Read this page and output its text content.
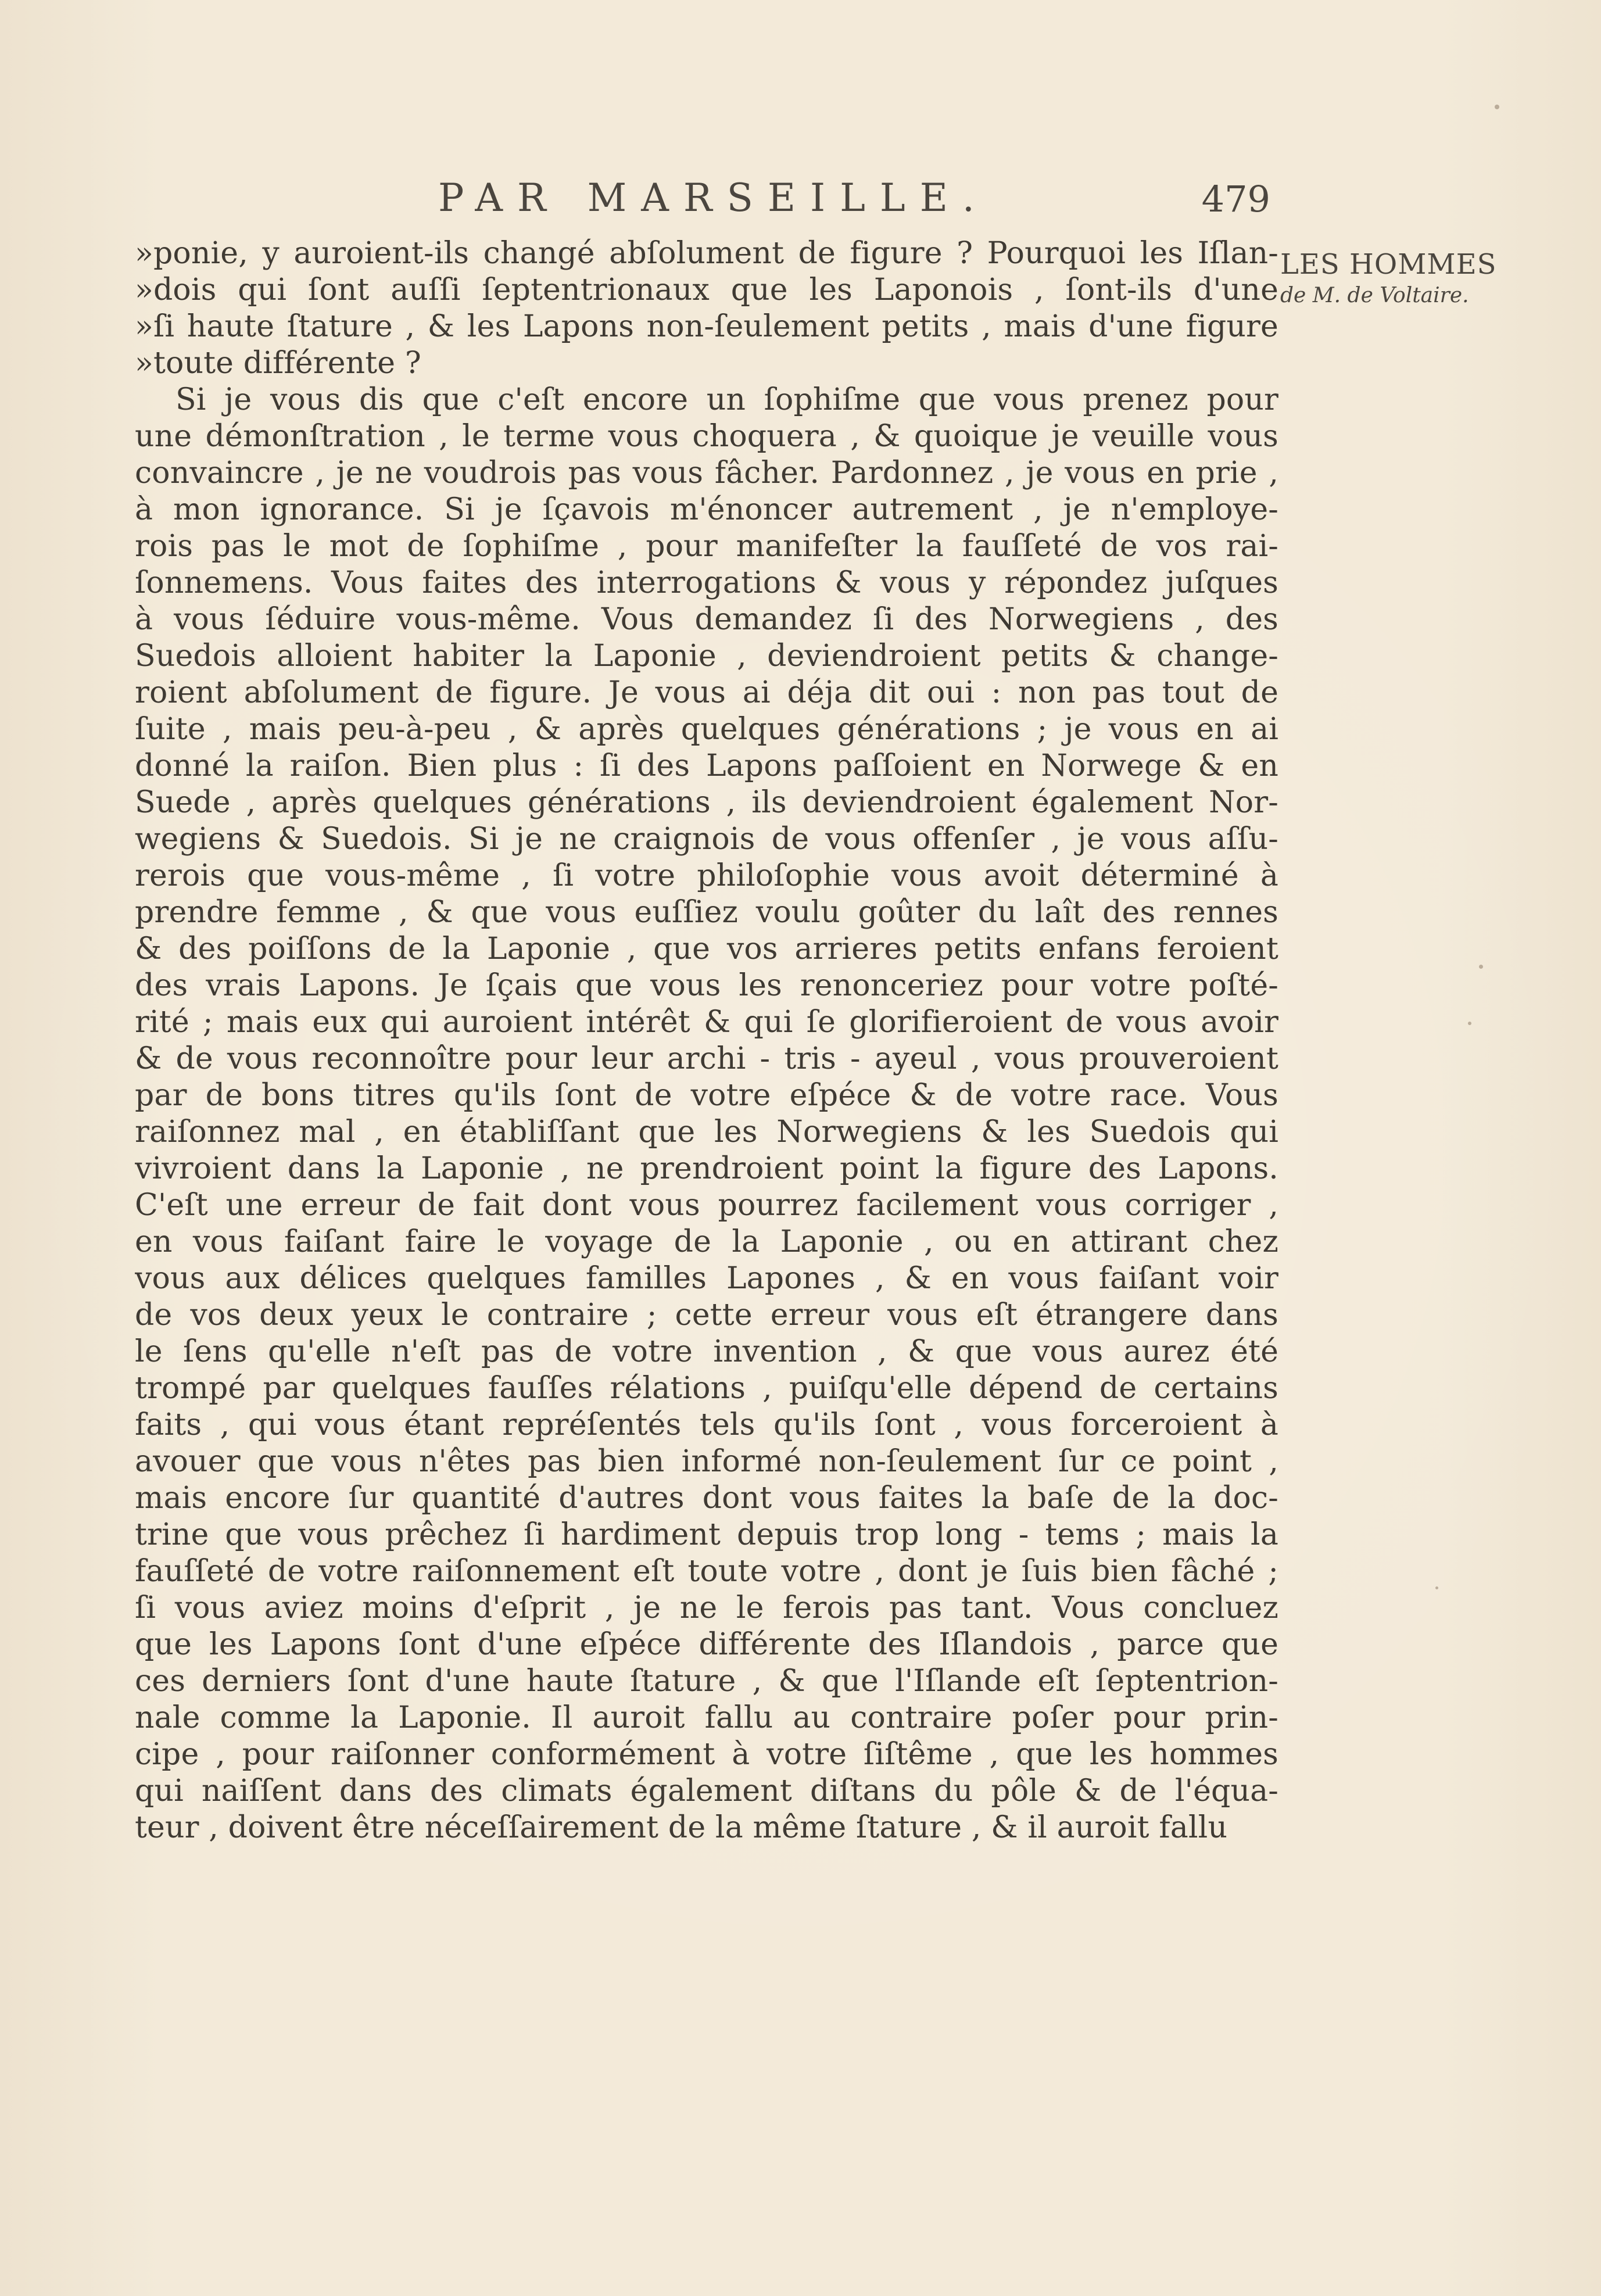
PAR MARSEILLE.	479
LES HOMMES
de M. de Voltaire.
»ponie, y auroient-ils changé abſolument de figure ? Pourquoi les Iſlan-
»dois qui ſont auſſi ſeptentrionaux que les Laponois , ſont-ils d'une
»ſi haute ſtature , & les Lapons non-ſeulement petits , mais d'une figure
»toute différente ?
Si je vous dis que c'eſt encore un ſophiſme que vous prenez pour
une démonſtration , le terme vous choquera , & quoique je veuille vous
convaincre , je ne voudrois pas vous fâcher. Pardonnez , je vous en prie ,
à mon ignorance. Si je ſçavois m'énoncer autrement , je n'employe-
rois pas le mot de ſophiſme , pour manifeſter la fauſſeté de vos rai-
ſonnemens. Vous faites des interrogations & vous y répondez juſques
à vous ſéduire vous-même. Vous demandez ſi des Norwegiens , des
Suedois alloient habiter la Laponie , deviendroient petits & change-
roient abſolument de figure. Je vous ai déja dit oui : non pas tout de
ſuite , mais peu-à-peu , & après quelques générations ; je vous en ai
donné la raiſon. Bien plus : ſi des Lapons paſſoient en Norwege & en
Suede , après quelques générations , ils deviendroient également Nor-
wegiens & Suedois. Si je ne craignois de vous offenſer , je vous aſſu-
rerois que vous-même , ſi votre philoſophie vous avoit déterminé à
prendre femme , & que vous euſſiez voulu goûter du laît des rennes
& des poiſſons de la Laponie , que vos arrieres petits enfans feroient
des vrais Lapons. Je ſçais que vous les renonceriez pour votre poſté-
rité ; mais eux qui auroient intérêt & qui ſe glorifieroient de vous avoir
& de vous reconnoître pour leur archi - tris - ayeul , vous prouveroient
par de bons titres qu'ils ſont de votre eſpéce & de votre race. Vous
raiſonnez mal , en établiſſant que les Norwegiens & les Suedois qui
vivroient dans la Laponie , ne prendroient point la figure des Lapons.
C'eſt une erreur de fait dont vous pourrez facilement vous corriger ,
en vous faiſant faire le voyage de la Laponie , ou en attirant chez
vous aux délices quelques familles Lapones , & en vous faiſant voir
de vos deux yeux le contraire ; cette erreur vous eſt étrangere dans
le ſens qu'elle n'eſt pas de votre invention , & que vous aurez été
trompé par quelques fauſſes rélations , puiſqu'elle dépend de certains
faits , qui vous étant repréſentés tels qu'ils ſont , vous forceroient à
avouer que vous n'êtes pas bien informé non-ſeulement ſur ce point ,
mais encore ſur quantité d'autres dont vous faites la baſe de la doc-
trine que vous prêchez ſi hardiment depuis trop long - tems ; mais la
fauſſeté de votre raiſonnement eſt toute votre , dont je ſuis bien fâché ;
ſi vous aviez moins d'eſprit , je ne le ferois pas tant. Vous concluez
que les Lapons ſont d'une eſpéce différente des Iſlandois , parce que
ces derniers ſont d'une haute ſtature , & que l'Iſlande eſt ſeptentrion-
nale comme la Laponie. Il auroit fallu au contraire poſer pour prin-
cipe , pour raiſonner conformément à votre ſiſtême , que les hommes
qui naiſſent dans des climats également diſtans du pôle & de l'équa-
teur , doivent être néceſſairement de la même ſtature , & il auroit fallu
